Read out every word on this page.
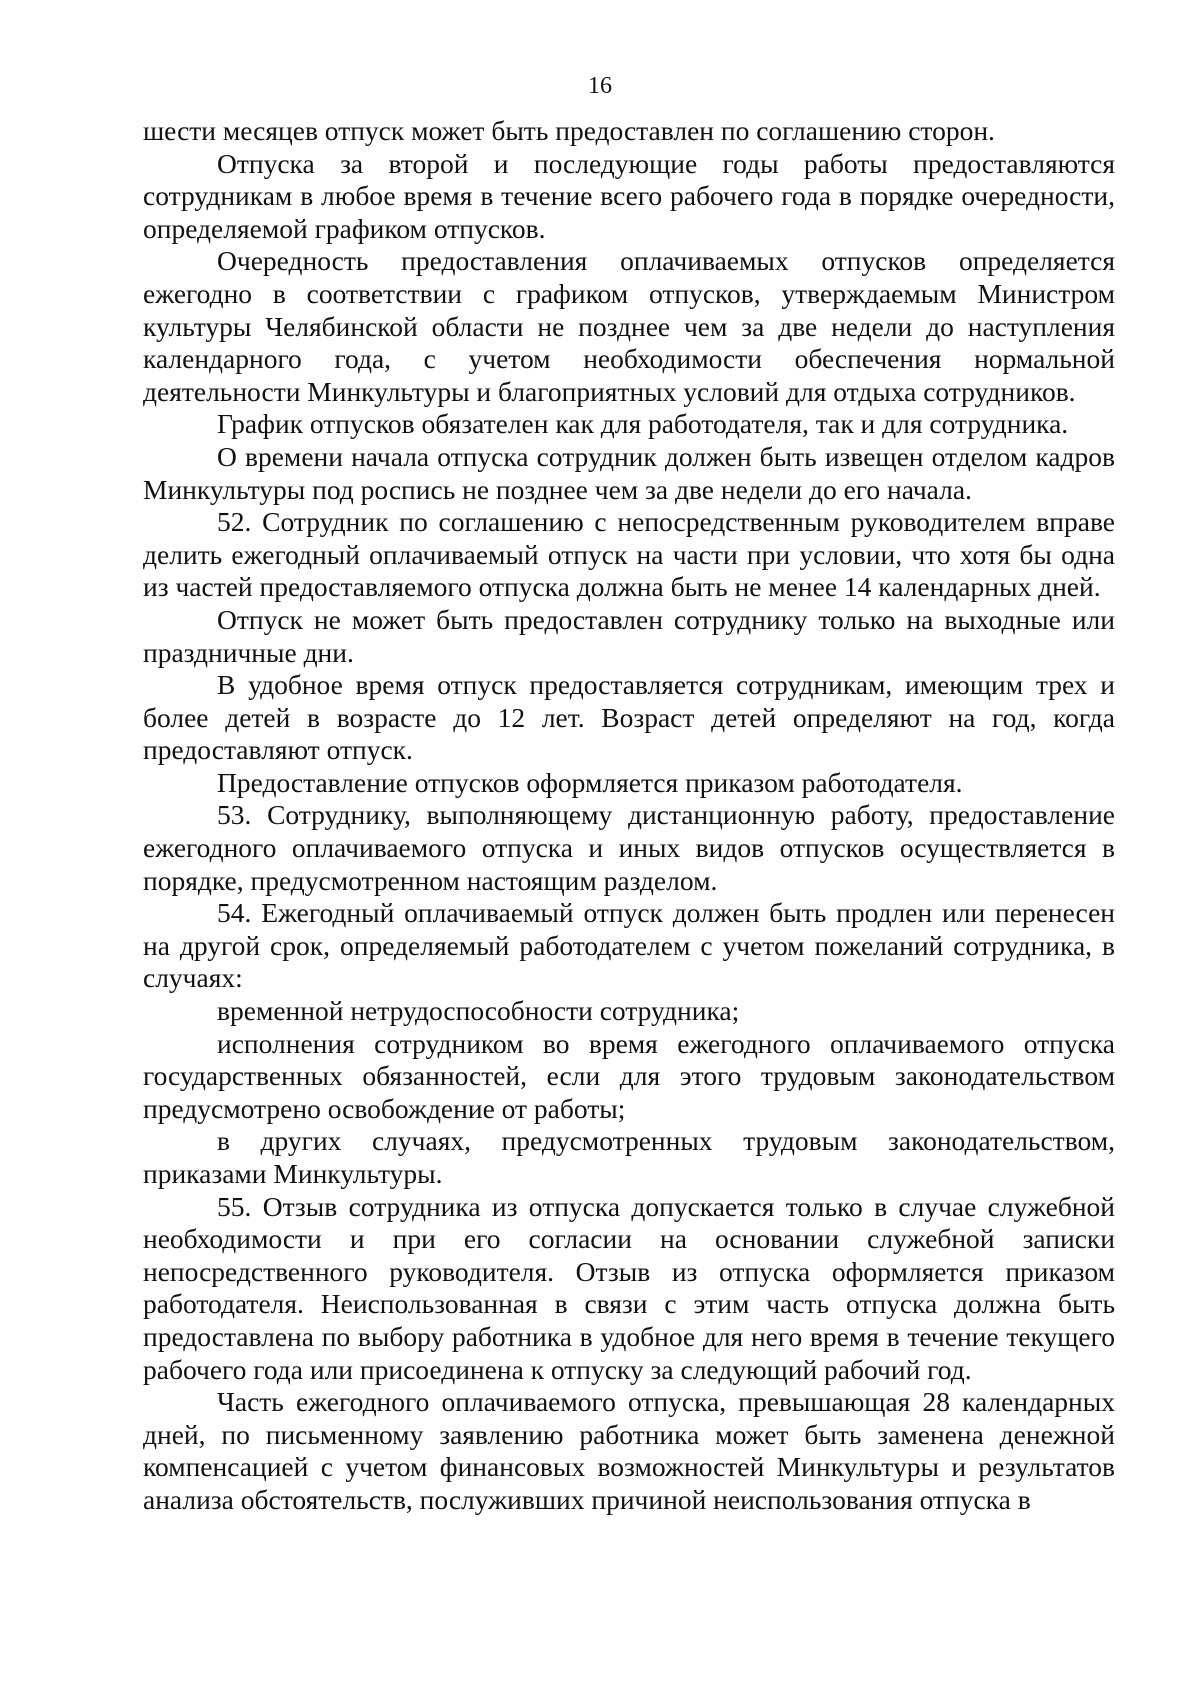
16

шести месяцев отпуск может быть предоставлен по соглашению сторон.

Отпуска за второй и последующие годы работы предоставляются сотрудникам в любое время в течение всего рабочего года в порядке очередности, определяемой графиком отпусков.

Очередность предоставления оплачиваемых отпусков определяется ежегодно в соответствии с графиком отпусков, утверждаемым Министром культуры Челябинской области не позднее чем за две недели до наступления календарного года, с учетом необходимости обеспечения нормальной деятельности Минкультуры и благоприятных условий для отдыха сотрудников.

График отпусков обязателен как для работодателя, так и для сотрудника.

О времени начала отпуска сотрудник должен быть извещен отделом кадров Минкультуры под роспись не позднее чем за две недели до его начала.

52. Сотрудник по соглашению с непосредственным руководителем вправе делить ежегодный оплачиваемый отпуск на части при условии, что хотя бы одна из частей предоставляемого отпуска должна быть не менее 14 календарных дней.

Отпуск не может быть предоставлен сотруднику только на выходные или праздничные дни.

В удобное время отпуск предоставляется сотрудникам, имеющим трех и более детей в возрасте до 12 лет. Возраст детей определяют на год, когда предоставляют отпуск.

Предоставление отпусков оформляется приказом работодателя.

53. Сотруднику, выполняющему дистанционную работу, предоставление ежегодного оплачиваемого отпуска и иных видов отпусков осуществляется в порядке, предусмотренном настоящим разделом.

54. Ежегодный оплачиваемый отпуск должен быть продлен или перенесен на другой срок, определяемый работодателем с учетом пожеланий сотрудника, в случаях:

временной нетрудоспособности сотрудника;

исполнения сотрудником во время ежегодного оплачиваемого отпуска государственных обязанностей, если для этого трудовым законодательством предусмотрено освобождение от работы;

в других случаях, предусмотренных трудовым законодательством, приказами Минкультуры.

55. Отзыв сотрудника из отпуска допускается только в случае служебной необходимости и при его согласии на основании служебной записки непосредственного руководителя. Отзыв из отпуска оформляется приказом работодателя. Неиспользованная в связи с этим часть отпуска должна быть предоставлена по выбору работника в удобное для него время в течение текущего рабочего года или присоединена к отпуску за следующий рабочий год.

Часть ежегодного оплачиваемого отпуска, превышающая 28 календарных дней, по письменному заявлению работника может быть заменена денежной компенсацией с учетом финансовых возможностей Минкультуры и результатов анализа обстоятельств, послуживших причиной неиспользования отпуска в
